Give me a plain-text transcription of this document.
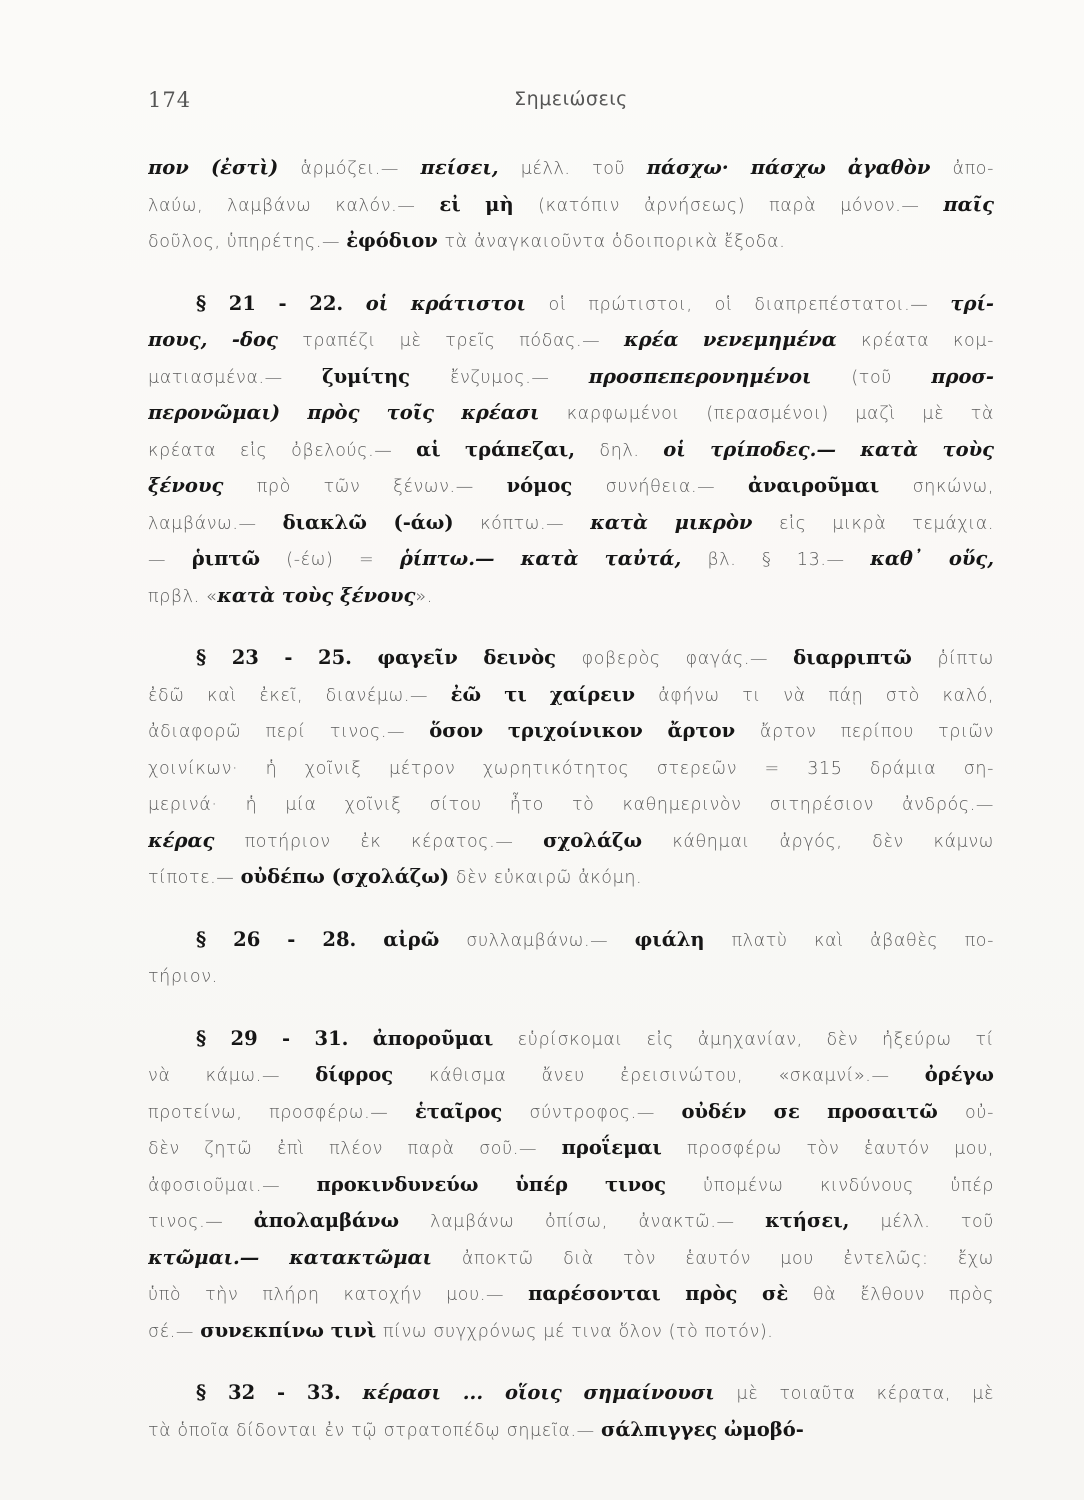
174	Σημειώσεις
πον (ἐστὶ) ἁρμόζει.— πείσει, μέλλ. τοῦ πάσχω· πάσχω ἀγαθὸν ἀπο-
λαύω, λαμβάνω καλόν.— εἰ μὴ (κατόπιν ἀρνήσεως) παρὰ μόνον.— παῖς
δοῦλος, ὑπηρέτης.— ἐφόδιον τὰ ἀναγκαιοῦντα ὁδοιπορικὰ ἔξοδα.
§ 21 - 22. οἱ κράτιστοι οἱ πρώτιστοι, οἱ διαπρεπέστατοι.— τρί-
πους, -δος τραπέζι μὲ τρεῖς πόδας.— κρέα νενεμημένα κρέατα κομ-
ματιασμένα.— ζυμίτης ἔνζυμος.— προσπεπερονημένοι (τοῦ προσ-
περονῶμαι) πρὸς τοῖς κρέασι καρφωμένοι (περασμένοι) μαζὶ μὲ τὰ
κρέατα εἰς ὀβελούς.— αἱ τράπεζαι, δηλ. οἱ τρίποδες.— κατὰ τοὺς
ξένους πρὸ τῶν ξένων.— νόμος συνήθεια.— ἀναιροῦμαι σηκώνω,
λαμβάνω.— διακλῶ (-άω) κόπτω.— κατὰ μικρὸν εἰς μικρὰ τεμάχια.
— ῥιπτῶ (-έω) = ῥίπτω.— κατὰ ταὐτά, βλ. § 13.— καθ᾽ οὕς,
πρβλ. «κατὰ τοὺς ξένους».
§ 23 - 25. φαγεῖν δεινὸς φοβερὸς φαγάς.— διαρριπτῶ ῥίπτω
ἐδῶ καὶ ἐκεῖ, διανέμω.— ἐῶ τι χαίρειν ἀφήνω τι νὰ πάῃ στὸ καλό,
ἀδιαφορῶ περί τινος.— ὅσον τριχοίνικον ἄρτον ἄρτον περίπου τριῶν
χοινίκων· ἡ χοῖνιξ μέτρον χωρητικότητος στερεῶν = 315 δράμια ση-
μερινά· ἡ μία χοῖνιξ σίτου ἦτο τὸ καθημερινὸν σιτηρέσιον ἀνδρός.—
κέρας ποτήριον ἐκ κέρατος.— σχολάζω κάθημαι ἀργός, δὲν κάμνω
τίποτε.— οὐδέπω (σχολάζω) δὲν εὐκαιρῶ ἀκόμη.
§ 26 - 28. αἰρῶ συλλαμβάνω.— φιάλη πλατὺ καὶ ἀβαθὲς πο-
τήριον.
§ 29 - 31. ἀποροῦμαι εὑρίσκομαι εἰς ἀμηχανίαν, δὲν ἠξεύρω τί
νὰ κάμω.— δίφρος κάθισμα ἄνευ ἐρεισινώτου, «σκαμνί».— ὀρέγω
προτείνω, προσφέρω.— ἑταῖρος σύντροφος.— οὐδέν σε προσαιτῶ οὐ-
δὲν ζητῶ ἐπὶ πλέον παρὰ σοῦ.— προΐεμαι προσφέρω τὸν ἑαυτόν μου,
ἀφοσιοῦμαι.— προκινδυνεύω ὑπέρ τινος ὑπομένω κινδύνους ὑπέρ
τινος.— ἀπολαμβάνω λαμβάνω ὀπίσω, ἀνακτῶ.— κτήσει, μέλλ. τοῦ
κτῶμαι.— κατακτῶμαι ἀποκτῶ διὰ τὸν ἑαυτόν μου ἐντελῶς: ἔχω
ὑπὸ τὴν πλήρη κατοχήν μου.— παρέσονται πρὸς σὲ θὰ ἔλθουν πρὸς
σέ.— συνεκπίνω τινὶ πίνω συγχρόνως μέ τινα ὅλον (τὸ ποτόν).
§ 32 - 33. κέρασι ... οἵοις σημαίνουσι μὲ τοιαῦτα κέρατα, μὲ
τὰ ὁποῖα δίδονται ἐν τῷ στρατοπέδῳ σημεῖα.— σάλπιγγες ὠμοβό-
